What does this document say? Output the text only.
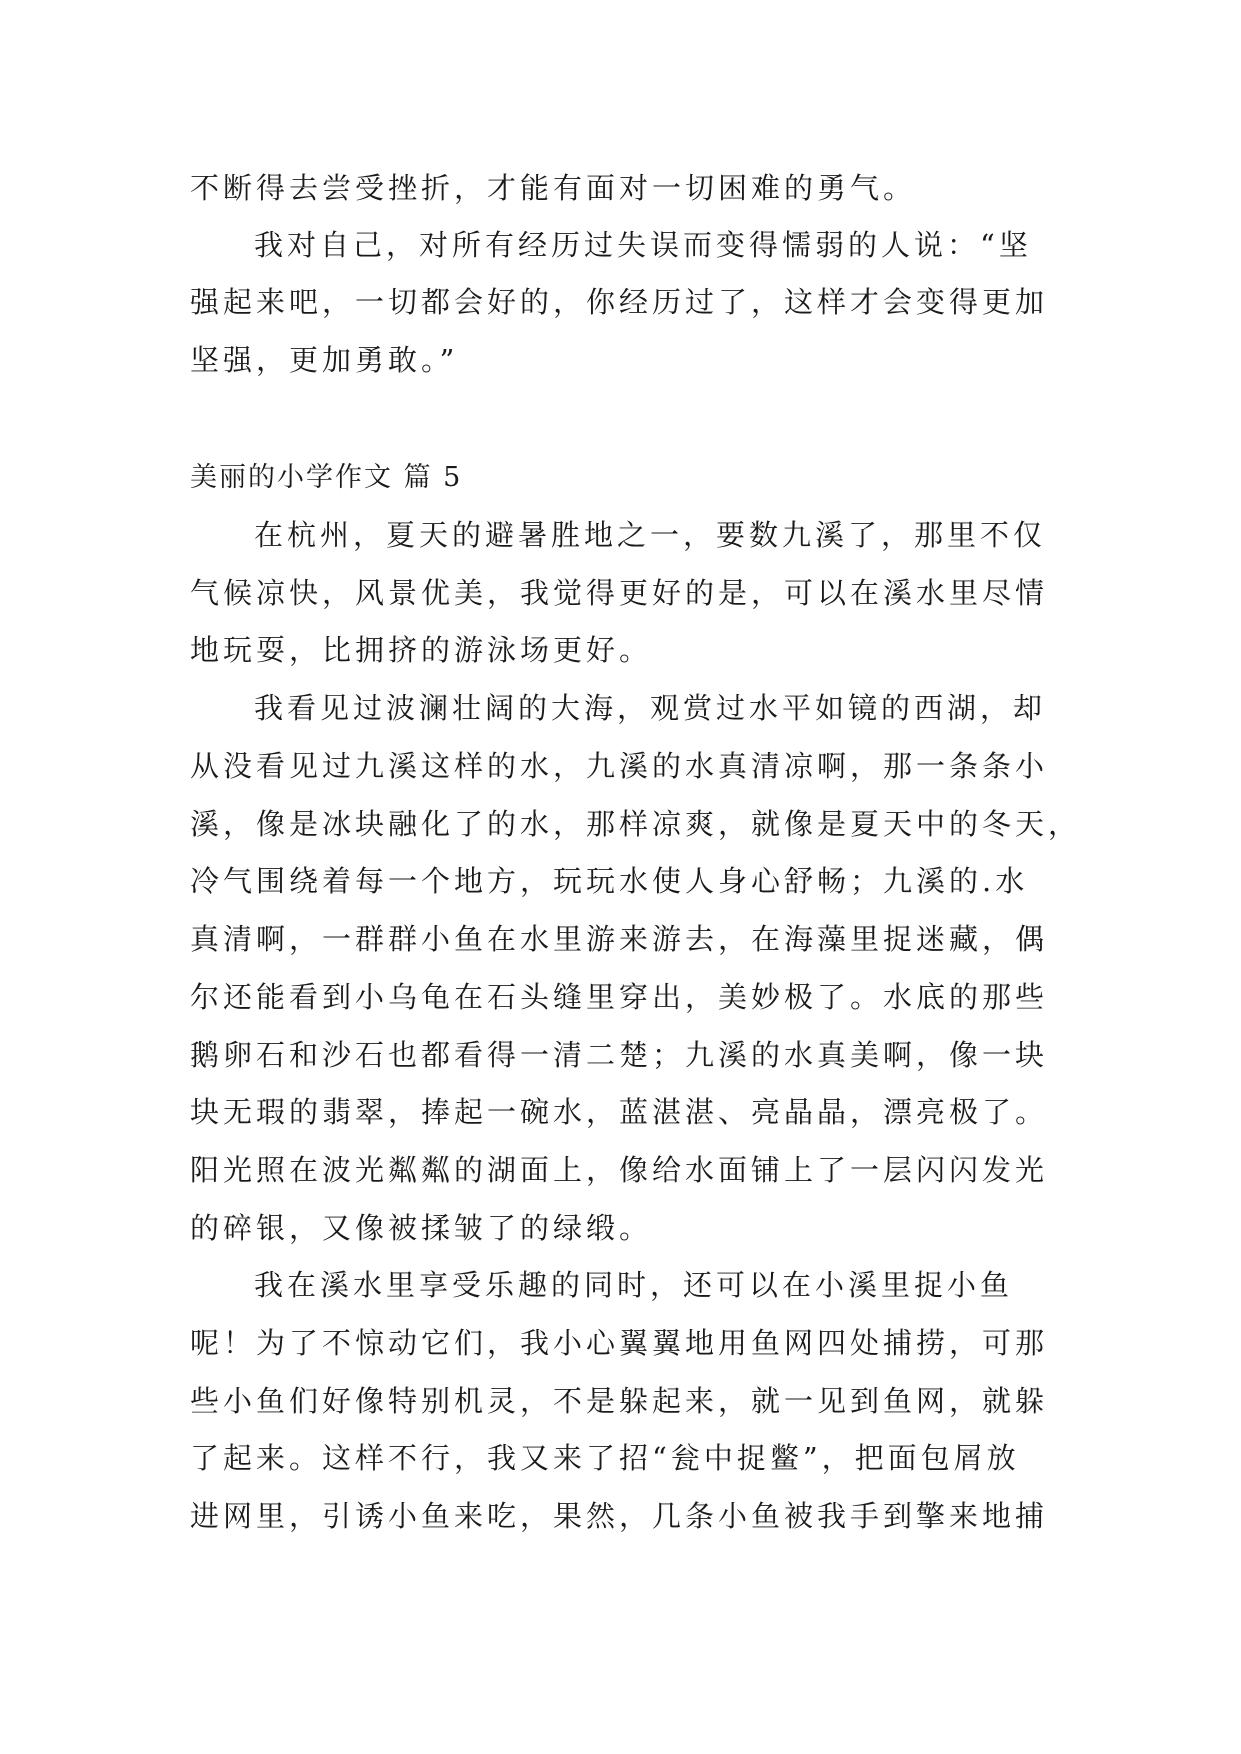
不断得去尝受挫折，才能有面对一切困难的勇气。
我对自己，对所有经历过失误而变得懦弱的人说：“坚
强起来吧，一切都会好的，你经历过了，这样才会变得更加
坚强，更加勇敢。”
美丽的小学作文 篇 5
在杭州，夏天的避暑胜地之一，要数九溪了，那里不仅
气候凉快，风景优美，我觉得更好的是，可以在溪水里尽情
地玩耍，比拥挤的游泳场更好。
我看见过波澜壮阔的大海，观赏过水平如镜的西湖，却
从没看见过九溪这样的水，九溪的水真清凉啊，那一条条小
溪，像是冰块融化了的水，那样凉爽，就像是夏天中的冬天，
冷气围绕着每一个地方，玩玩水使人身心舒畅；九溪的.水
真清啊，一群群小鱼在水里游来游去，在海藻里捉迷藏，偶
尔还能看到小乌龟在石头缝里穿出，美妙极了。水底的那些
鹅卵石和沙石也都看得一清二楚；九溪的水真美啊，像一块
块无瑕的翡翠，捧起一碗水，蓝湛湛、亮晶晶，漂亮极了。
阳光照在波光粼粼的湖面上，像给水面铺上了一层闪闪发光
的碎银，又像被揉皱了的绿缎。
我在溪水里享受乐趣的同时，还可以在小溪里捉小鱼
呢！为了不惊动它们，我小心翼翼地用鱼网四处捕捞，可那
些小鱼们好像特别机灵，不是躲起来，就一见到鱼网，就躲
了起来。这样不行，我又来了招“瓮中捉鳖”，把面包屑放
进网里，引诱小鱼来吃，果然，几条小鱼被我手到擎来地捕
